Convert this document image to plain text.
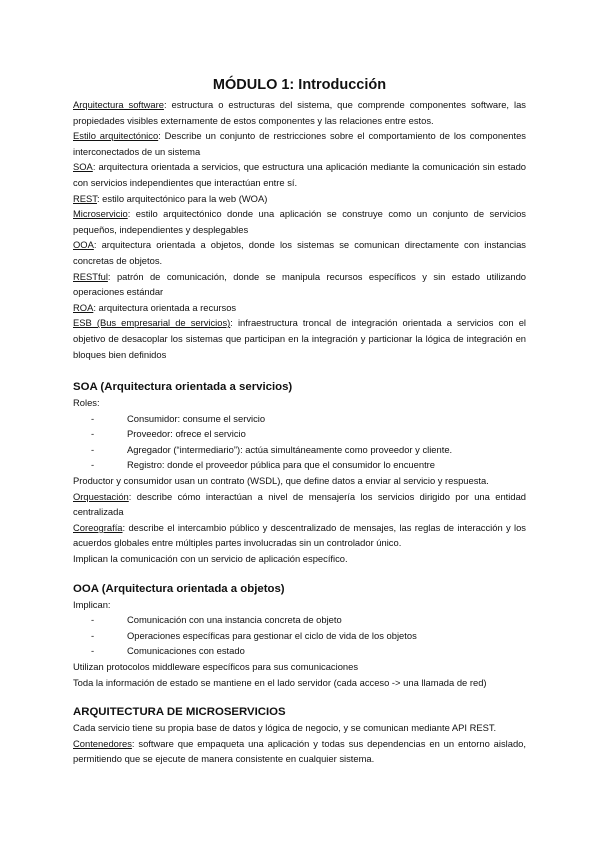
MÓDULO 1: Introducción

Arquitectura software: estructura o estructuras del sistema, que comprende componentes software, las propiedades visibles externamente de estos componentes y las relaciones entre estos.

Estilo arquitectónico: Describe un conjunto de restricciones sobre el comportamiento de los componentes interconectados de un sistema

SOA: arquitectura orientada a servicios, que estructura una aplicación mediante la comunicación sin estado con servicios independientes que interactúan entre sí.

REST: estilo arquitectónico para la web (WOA)

Microservicio: estilo arquitectónico donde una aplicación se construye como un conjunto de servicios pequeños, independientes y desplegables

OOA: arquitectura orientada a objetos, donde los sistemas se comunican directamente con instancias concretas de objetos.

RESTful: patrón de comunicación, donde se manipula recursos específicos y sin estado utilizando operaciones estándar

ROA: arquitectura orientada a recursos

ESB (Bus empresarial de servicios): infraestructura troncal de integración orientada a servicios con el objetivo de desacoplar los sistemas que participan en la integración y particionar la lógica de integración en bloques bien definidos

SOA (Arquitectura orientada a servicios)

Roles:

- Consumidor: consume el servicio
- Proveedor: ofrece el servicio
- Agregador (“intermediario”): actúa simultáneamente como proveedor y cliente.
- Registro: donde el proveedor pública para que el consumidor lo encuentre

Productor y consumidor usan un contrato (WSDL), que define datos a enviar al servicio y respuesta.

Orquestación: describe cómo interactúan a nivel de mensajería los servicios dirigido por una entidad centralizada

Coreografía: describe el intercambio público y descentralizado de mensajes, las reglas de interacción y los acuerdos globales entre múltiples partes involucradas sin un controlador único.

Implican la comunicación con un servicio de aplicación específico.

OOA (Arquitectura orientada a objetos)

Implican:

- Comunicación con una instancia concreta de objeto
- Operaciones específicas para gestionar el ciclo de vida de los objetos
- Comunicaciones con estado

Utilizan protocolos middleware específicos para sus comunicaciones

Toda la información de estado se mantiene en el lado servidor (cada acceso -> una llamada de red)

ARQUITECTURA DE MICROSERVICIOS

Cada servicio tiene su propia base de datos y lógica de negocio, y se comunican mediante API REST.

Contenedores: software que empaqueta una aplicación y todas sus dependencias en un entorno aislado, permitiendo que se ejecute de manera consistente en cualquier sistema.
